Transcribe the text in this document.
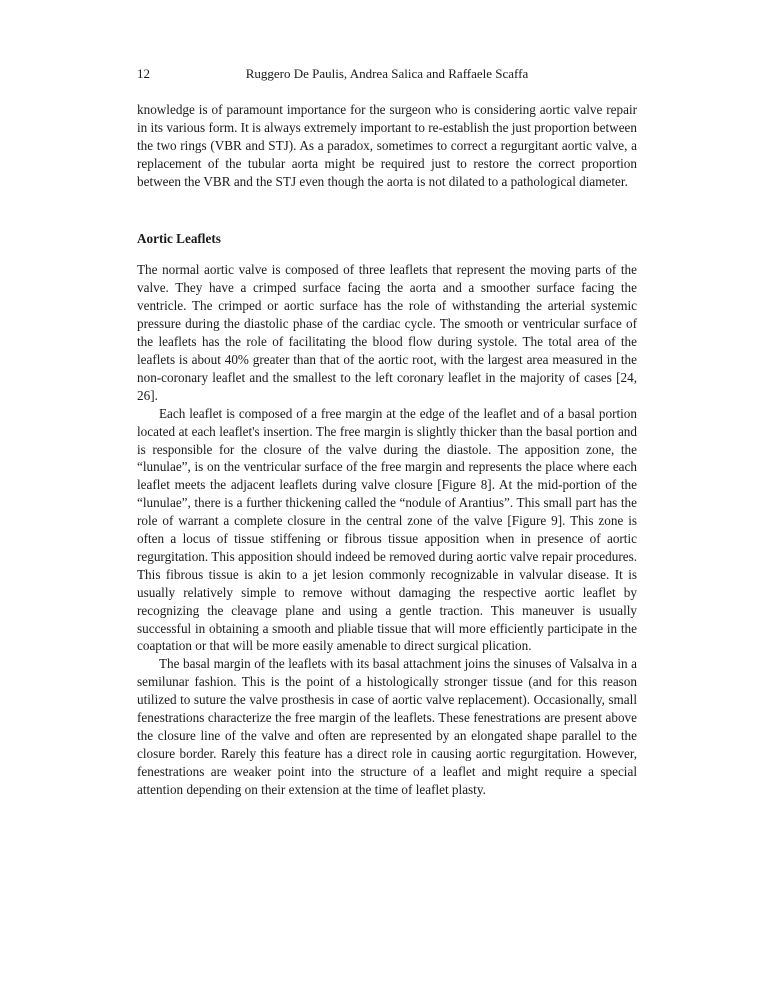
12	Ruggero De Paulis, Andrea Salica and Raffaele Scaffa

knowledge is of paramount importance for the surgeon who is considering aortic valve repair in its various form. It is always extremely important to re-establish the just proportion between the two rings (VBR and STJ). As a paradox, sometimes to correct a regurgitant aortic valve, a replacement of the tubular aorta might be required just to restore the correct proportion between the VBR and the STJ even though the aorta is not dilated to a pathological diameter.

Aortic Leaflets

The normal aortic valve is composed of three leaflets that represent the moving parts of the valve. They have a crimped surface facing the aorta and a smoother surface facing the ventricle. The crimped or aortic surface has the role of withstanding the arterial systemic pressure during the diastolic phase of the cardiac cycle. The smooth or ventricular surface of the leaflets has the role of facilitating the blood flow during systole. The total area of the leaflets is about 40% greater than that of the aortic root, with the largest area measured in the non-coronary leaflet and the smallest to the left coronary leaflet in the majority of cases [24, 26].

Each leaflet is composed of a free margin at the edge of the leaflet and of a basal portion located at each leaflet's insertion. The free margin is slightly thicker than the basal portion and is responsible for the closure of the valve during the diastole. The apposition zone, the “lunulae”, is on the ventricular surface of the free margin and represents the place where each leaflet meets the adjacent leaflets during valve closure [Figure 8]. At the mid-portion of the “lunulae”, there is a further thickening called the “nodule of Arantius”. This small part has the role of warrant a complete closure in the central zone of the valve [Figure 9]. This zone is often a locus of tissue stiffening or fibrous tissue apposition when in presence of aortic regurgitation. This apposition should indeed be removed during aortic valve repair procedures. This fibrous tissue is akin to a jet lesion commonly recognizable in valvular disease. It is usually relatively simple to remove without damaging the respective aortic leaflet by recognizing the cleavage plane and using a gentle traction. This maneuver is usually successful in obtaining a smooth and pliable tissue that will more efficiently participate in the coaptation or that will be more easily amenable to direct surgical plication.

The basal margin of the leaflets with its basal attachment joins the sinuses of Valsalva in a semilunar fashion. This is the point of a histologically stronger tissue (and for this reason utilized to suture the valve prosthesis in case of aortic valve replacement). Occasionally, small fenestrations characterize the free margin of the leaflets. These fenestrations are present above the closure line of the valve and often are represented by an elongated shape parallel to the closure border. Rarely this feature has a direct role in causing aortic regurgitation. However, fenestrations are weaker point into the structure of a leaflet and might require a special attention depending on their extension at the time of leaflet plasty.
